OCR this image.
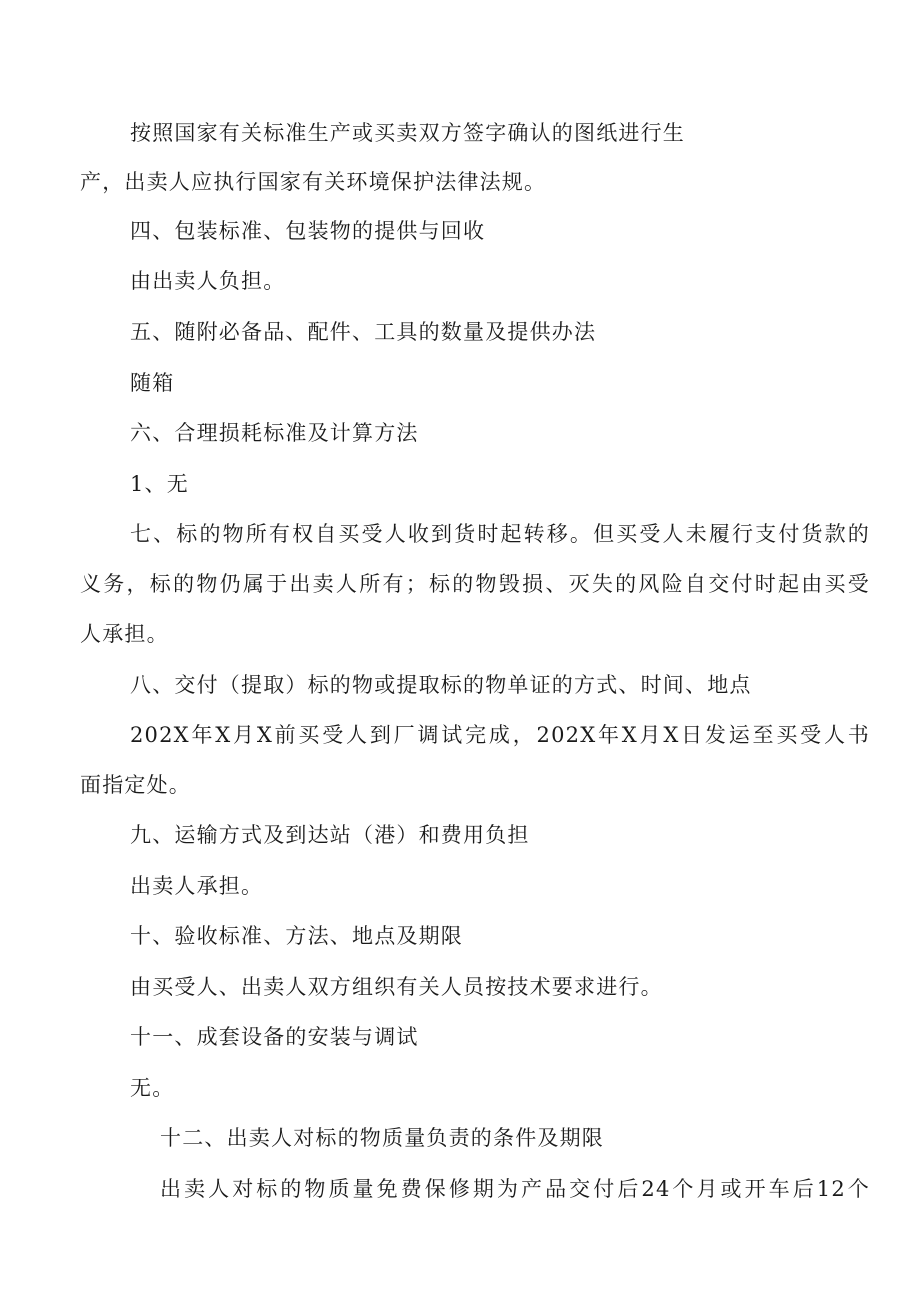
按照国家有关标准生产或买卖双方签字确认的图纸进行生
产，出卖人应执行国家有关环境保护法律法规。
四、包装标准、包装物的提供与回收
由出卖人负担。
五、随附必备品、配件、工具的数量及提供办法
随箱
六、合理损耗标准及计算方法
1、无
七、标的物所有权自买受人收到货时起转移。但买受人未履行支付货款的
义务，标的物仍属于出卖人所有；标的物毁损、灭失的风险自交付时起由买受
人承担。
八、交付（提取）标的物或提取标的物单证的方式、时间、地点
202X年X月X前买受人到厂调试完成，202X年X月X日发运至买受人书
面指定处。
九、运输方式及到达站（港）和费用负担
出卖人承担。
十、验收标准、方法、地点及期限
由买受人、出卖人双方组织有关人员按技术要求进行。
十一、成套设备的安装与调试
无。
十二、出卖人对标的物质量负责的条件及期限
出卖人对标的物质量免费保修期为产品交付后24个月或开车后12个
